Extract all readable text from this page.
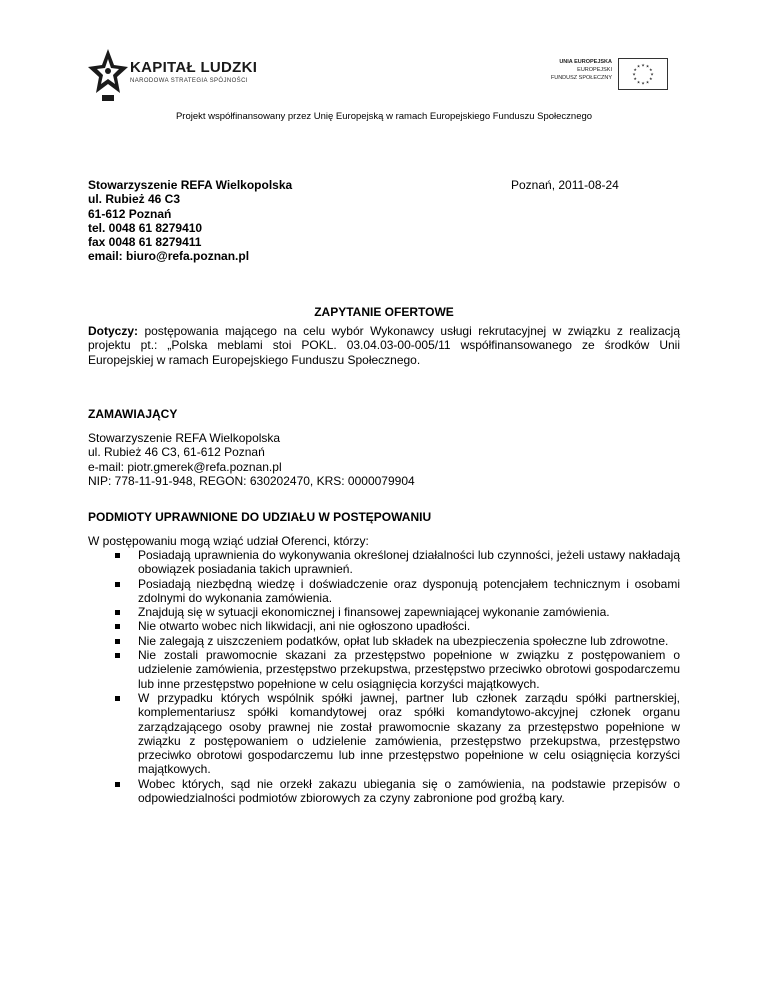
KAPITAŁ LUDZKI
NARODOWA STRATEGIA SPÓJNOŚCI
UNIA EUROPEJSKA
EUROPEJSKI
FUNDUSZ SPOŁECZNY
★
★
★
★
★
★
★
★
★ ★ ★
★
Projekt współfinansowany przez Unię Europejską w ramach Europejskiego Funduszu Społecznego
Stowarzyszenie REFA Wielkopolska
ul. Rubież 46 C3
61-612 Poznań
tel. 0048 61 8279410
fax 0048 61 8279411
email: biuro@refa.poznan.pl
Poznań, 2011-08-24
ZAPYTANIE OFERTOWE
Dotyczy: postępowania mającego na celu wybór Wykonawcy usługi rekrutacyjnej w związku z realizacją projektu pt.: „Polska meblami stoi POKL. 03.04.03-00-005/11 współfinansowanego ze środków Unii Europejskiej w ramach Europejskiego Funduszu Społecznego.
ZAMAWIAJĄCY
Stowarzyszenie REFA Wielkopolska
ul. Rubież 46 C3, 61-612 Poznań
e-mail: piotr.gmerek@refa.poznan.pl
NIP: 778-11-91-948, REGON: 630202470, KRS: 0000079904
PODMIOTY UPRAWNIONE DO UDZIAŁU W POSTĘPOWANIU
W postępowaniu mogą wziąć udział Oferenci, którzy:
Posiadają uprawnienia do wykonywania określonej działalności lub czynności, jeżeli ustawy nakładają obowiązek posiadania takich uprawnień.
Posiadają niezbędną wiedzę i doświadczenie oraz dysponują potencjałem technicznym i osobami zdolnymi do wykonania zamówienia.
Znajdują się w sytuacji ekonomicznej i finansowej zapewniającej wykonanie zamówienia.
Nie otwarto wobec nich likwidacji, ani nie ogłoszono upadłości.
Nie zalegają z uiszczeniem podatków, opłat lub składek na ubezpieczenia społeczne lub zdrowotne.
Nie zostali prawomocnie skazani za przestępstwo popełnione w związku z postępowaniem o udzielenie zamówienia, przestępstwo przekupstwa, przestępstwo przeciwko obrotowi gospodarczemu lub inne przestępstwo popełnione w celu osiągnięcia korzyści majątkowych.
W przypadku których wspólnik spółki jawnej, partner lub członek zarządu spółki partnerskiej, komplementariusz spółki komandytowej oraz spółki komandytowo-akcyjnej członek organu zarządzającego osoby prawnej nie został prawomocnie skazany za przestępstwo popełnione w związku z postępowaniem o udzielenie zamówienia, przestępstwo przekupstwa, przestępstwo przeciwko obrotowi gospodarczemu lub inne przestępstwo popełnione w celu osiągnięcia korzyści majątkowych.
Wobec których, sąd nie orzekł zakazu ubiegania się o zamówienia, na podstawie przepisów o odpowiedzialności podmiotów zbiorowych za czyny zabronione pod groźbą kary.
